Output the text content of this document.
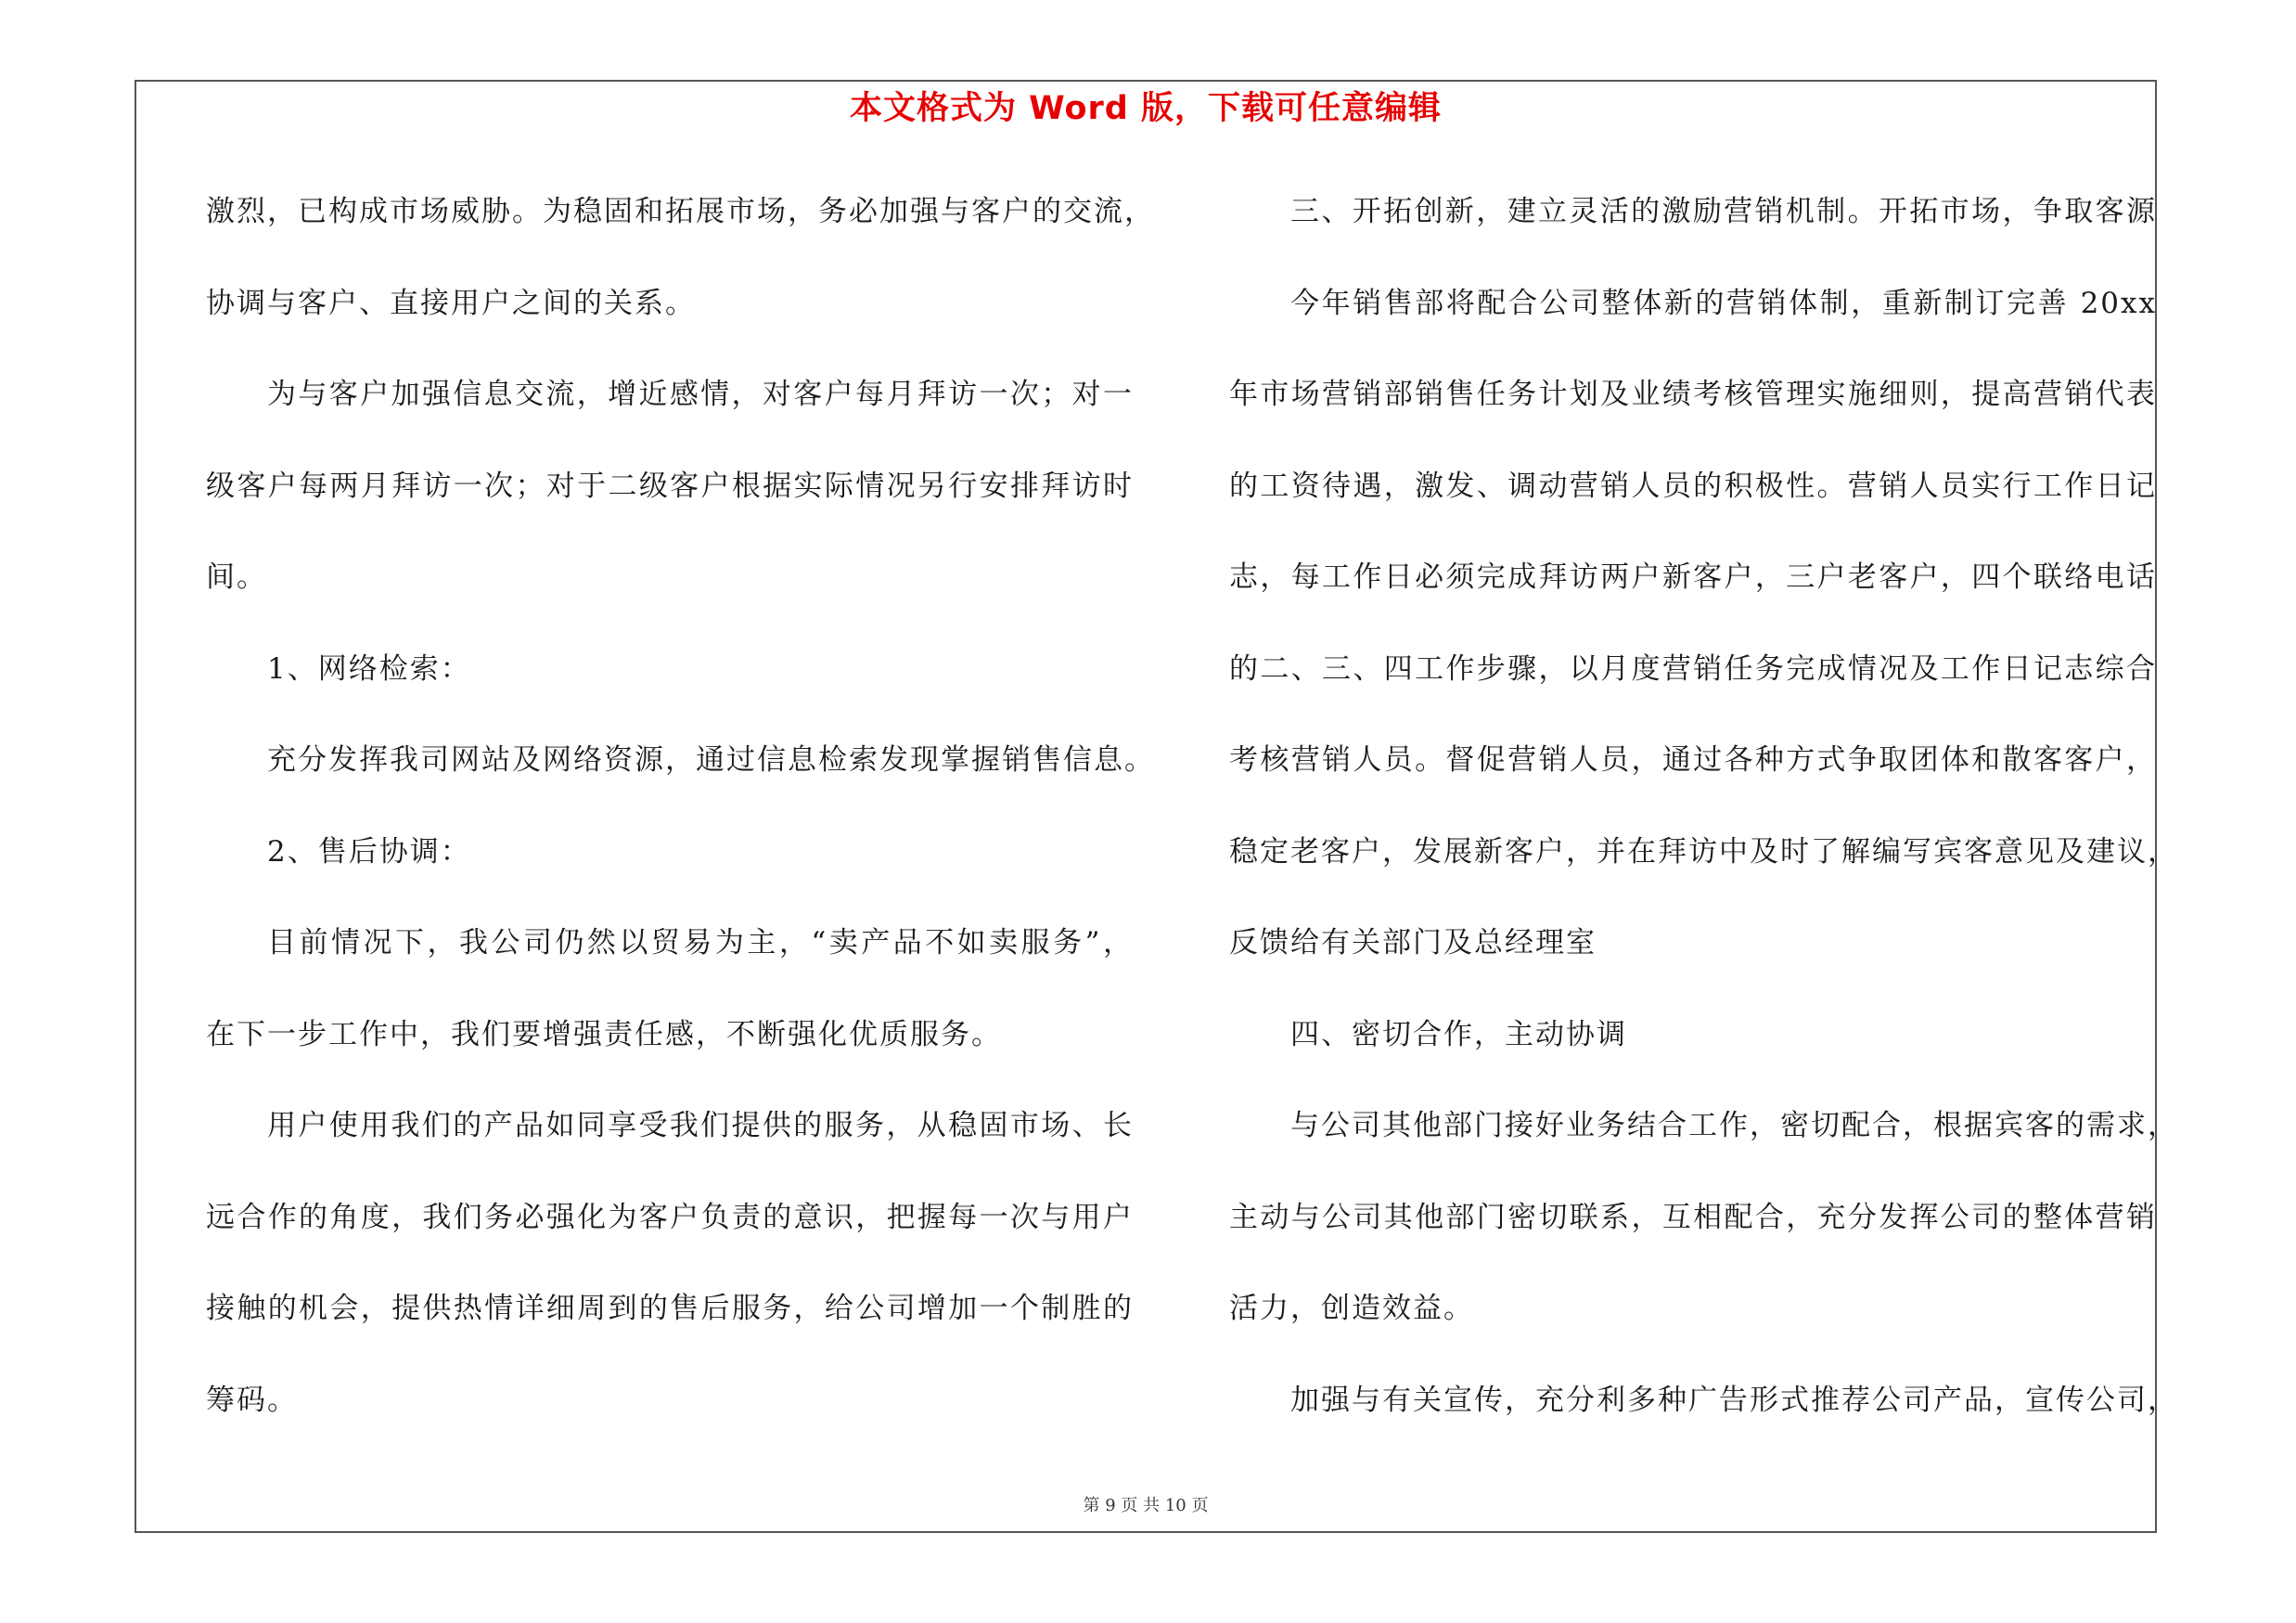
本文格式为 Word 版，下载可任意编辑
激烈，已构成市场威胁。为稳固和拓展市场，务必加强与客户的交流，
协调与客户、直接用户之间的关系。
为与客户加强信息交流，增近感情，对客户每月拜访一次；对一
级客户每两月拜访一次；对于二级客户根据实际情况另行安排拜访时
间。
1、网络检索：
充分发挥我司网站及网络资源，通过信息检索发现掌握销售信息。
2、售后协调：
目前情况下，我公司仍然以贸易为主，“卖产品不如卖服务”，
在下一步工作中，我们要增强责任感，不断强化优质服务。
用户使用我们的产品如同享受我们提供的服务，从稳固市场、长
远合作的角度，我们务必强化为客户负责的意识，把握每一次与用户
接触的机会，提供热情详细周到的售后服务，给公司增加一个制胜的
筹码。
三、开拓创新，建立灵活的激励营销机制。开拓市场，争取客源
今年销售部将配合公司整体新的营销体制，重新制订完善 20xx
年市场营销部销售任务计划及业绩考核管理实施细则，提高营销代表
的工资待遇，激发、调动营销人员的积极性。营销人员实行工作日记
志，每工作日必须完成拜访两户新客户，三户老客户，四个联络电话
的二、三、四工作步骤，以月度营销任务完成情况及工作日记志综合
考核营销人员。督促营销人员，通过各种方式争取团体和散客客户，
稳定老客户，发展新客户，并在拜访中及时了解编写宾客意见及建议，
反馈给有关部门及总经理室
四、密切合作，主动协调
与公司其他部门接好业务结合工作，密切配合，根据宾客的需求，
主动与公司其他部门密切联系，互相配合，充分发挥公司的整体营销
活力，创造效益。
加强与有关宣传，充分利多种广告形式推荐公司产品，宣传公司，
第 9 页 共 10 页
